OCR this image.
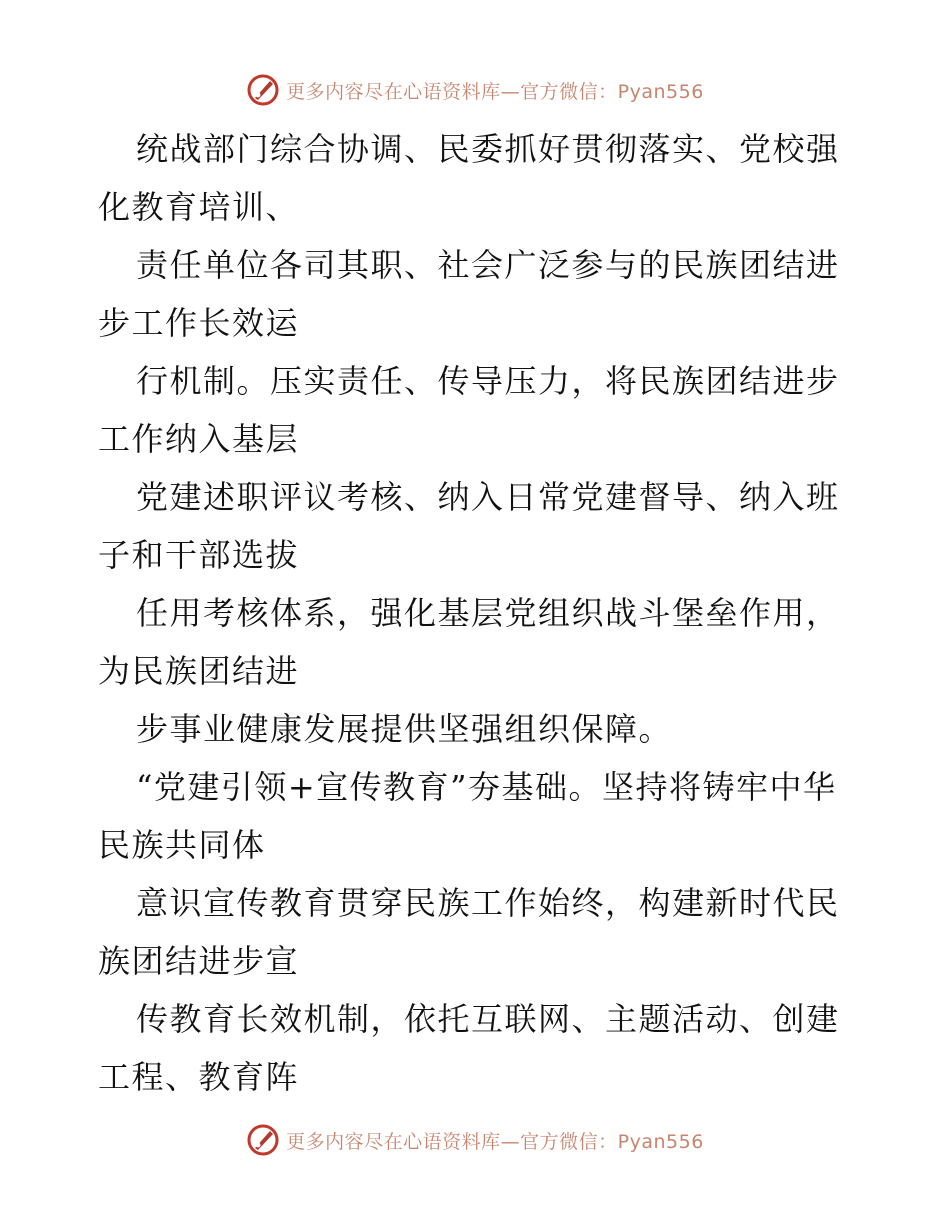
更多内容尽在心语资料库—官方微信：Pyan556

统战部门综合协调、民委抓好贯彻落实、党校强化教育培训、

责任单位各司其职、社会广泛参与的民族团结进步工作长效运

行机制。压实责任、传导压力，将民族团结进步工作纳入基层

党建述职评议考核、纳入日常党建督导、纳入班子和干部选拔

任用考核体系，强化基层党组织战斗堡垒作用，为民族团结进

步事业健康发展提供坚强组织保障。

“党建引领+宣传教育”夯基础。坚持将铸牢中华民族共同体

意识宣传教育贯穿民族工作始终，构建新时代民族团结进步宣

传教育长效机制，依托互联网、主题活动、创建工程、教育阵

更多内容尽在心语资料库—官方微信：Pyan556
